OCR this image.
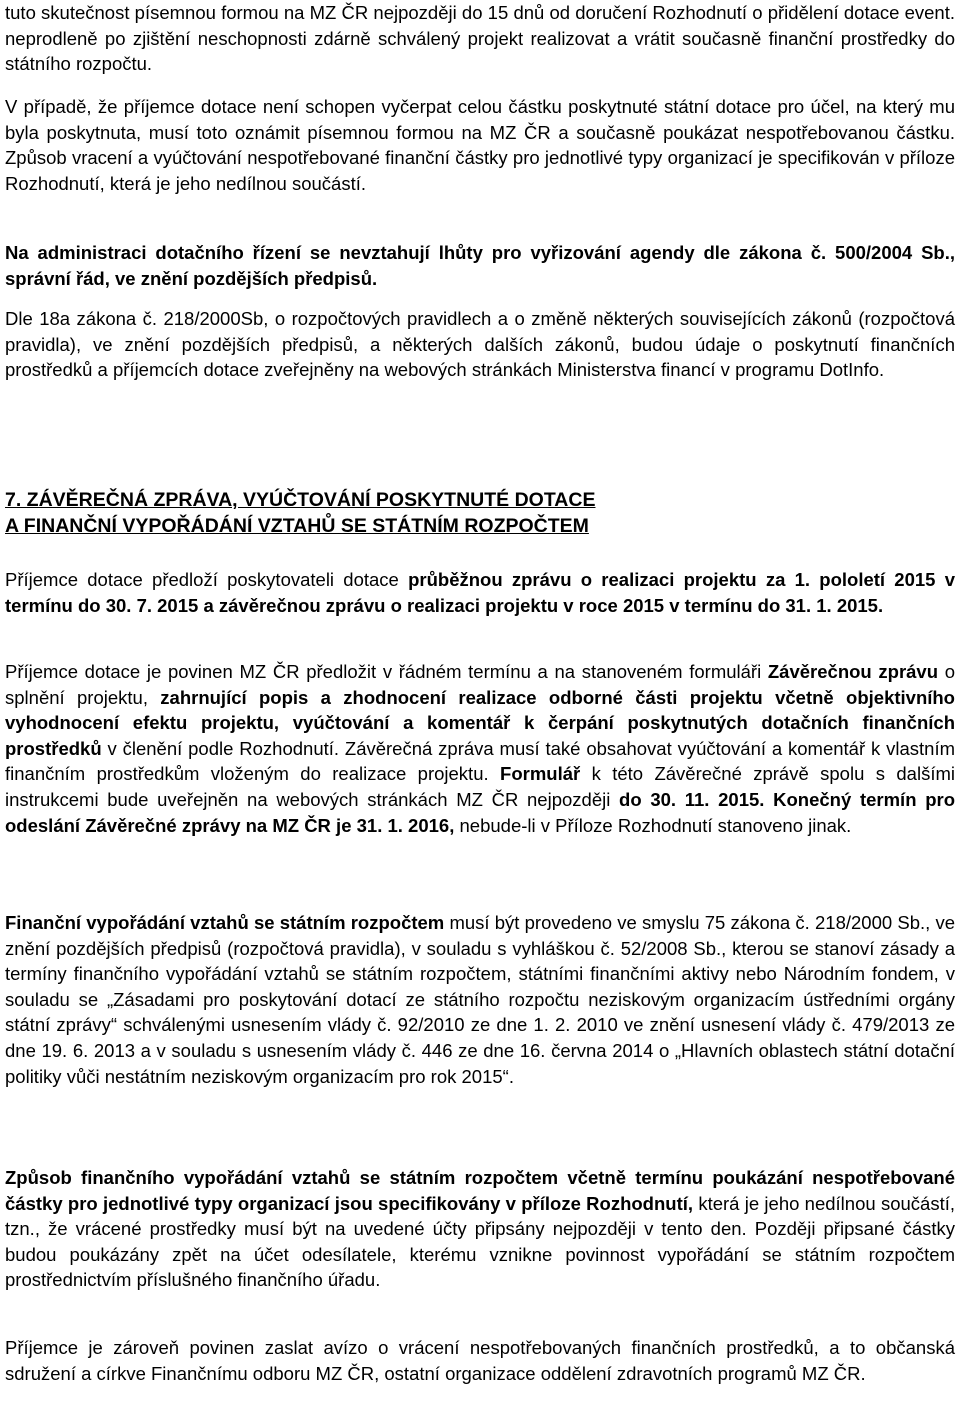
tuto skutečnost písemnou formou na MZ ČR nejpozději do 15 dnů od doručení Rozhodnutí o přidělení dotace event. neprodleně po zjištění neschopnosti zdárně schválený projekt realizovat a vrátit současně finanční prostředky do státního rozpočtu.

V případě, že příjemce dotace není schopen vyčerpat celou částku poskytnuté státní dotace pro účel, na který mu byla poskytnuta, musí toto oznámit písemnou formou na MZ ČR a současně poukázat nespotřebovanou částku. Způsob vracení a vyúčtování nespotřebované finanční částky pro jednotlivé typy organizací je specifikován v příloze Rozhodnutí, která je jeho nedílnou součástí.

Na administraci dotačního řízení se nevztahují lhůty pro vyřizování agendy dle zákona č. 500/2004 Sb., správní řád, ve znění pozdějších předpisů.

Dle 18a zákona č. 218/2000Sb, o rozpočtových pravidlech a o změně některých souvisejících zákonů (rozpočtová pravidla), ve znění pozdějších předpisů, a některých dalších zákonů, budou údaje o poskytnutí finančních prostředků a příjemcích dotace zveřejněny na webových stránkách Ministerstva financí v programu DotInfo.

7. ZÁVĚREČNÁ ZPRÁVA, VYÚČTOVÁNÍ POSKYTNUTÉ DOTACE

A FINANČNÍ VYPOŘÁDÁNÍ VZTAHŮ SE STÁTNÍM ROZPOČTEM

Příjemce dotace předloží poskytovateli dotace průběžnou zprávu o realizaci projektu za 1. pololetí 2015 v termínu do 30. 7. 2015 a závěrečnou zprávu o realizaci projektu v roce 2015 v termínu do 31. 1. 2015.

Příjemce dotace je povinen MZ ČR předložit v řádném termínu a na stanoveném formuláři Závěrečnou zprávu o splnění projektu, zahrnující popis a zhodnocení realizace odborné části projektu včetně objektivního vyhodnocení efektu projektu, vyúčtování a komentář k čerpání poskytnutých dotačních finančních prostředků v členění podle Rozhodnutí. Závěrečná zpráva musí také obsahovat vyúčtování a komentář k vlastním finančním prostředkům vloženým do realizace projektu. Formulář k této Závěrečné zprávě spolu s dalšími instrukcemi bude uveřejněn na webových stránkách MZ ČR nejpozději do 30. 11. 2015. Konečný termín pro odeslání Závěrečné zprávy na MZ ČR je 31. 1. 2016, nebude-li v Příloze Rozhodnutí stanoveno jinak.

Finanční vypořádání vztahů se státním rozpočtem musí být provedeno ve smyslu 75 zákona č. 218/2000 Sb., ve znění pozdějších předpisů (rozpočtová pravidla), v souladu s vyhláškou č. 52/2008 Sb., kterou se stanoví zásady a termíny finančního vypořádání vztahů se státním rozpočtem, státními finančními aktivy nebo Národním fondem, v souladu se „Zásadami pro poskytování dotací ze státního rozpočtu neziskovým organizacím ústředními orgány státní zprávy“ schválenými usnesením vlády č. 92/2010 ze dne 1. 2. 2010 ve znění usnesení vlády č. 479/2013 ze dne 19. 6. 2013 a v souladu s usnesením vlády č. 446 ze dne 16. června 2014 o „Hlavních oblastech státní dotační politiky vůči nestátním neziskovým organizacím pro rok 2015“.

Způsob finančního vypořádání vztahů se státním rozpočtem včetně termínu poukázání nespotřebované částky pro jednotlivé typy organizací jsou specifikovány v příloze Rozhodnutí, která je jeho nedílnou součástí, tzn., že vrácené prostředky musí být na uvedené účty připsány nejpozději v tento den. Později připsané částky budou poukázány zpět na účet odesílatele, kterému vznikne povinnost vypořádání se státním rozpočtem prostřednictvím příslušného finančního úřadu.

Příjemce je zároveň povinen zaslat avízo o vrácení nespotřebovaných finančních prostředků, a to občanská sdružení a církve Finančnímu odboru MZ ČR, ostatní organizace oddělení zdravotních programů MZ ČR.
